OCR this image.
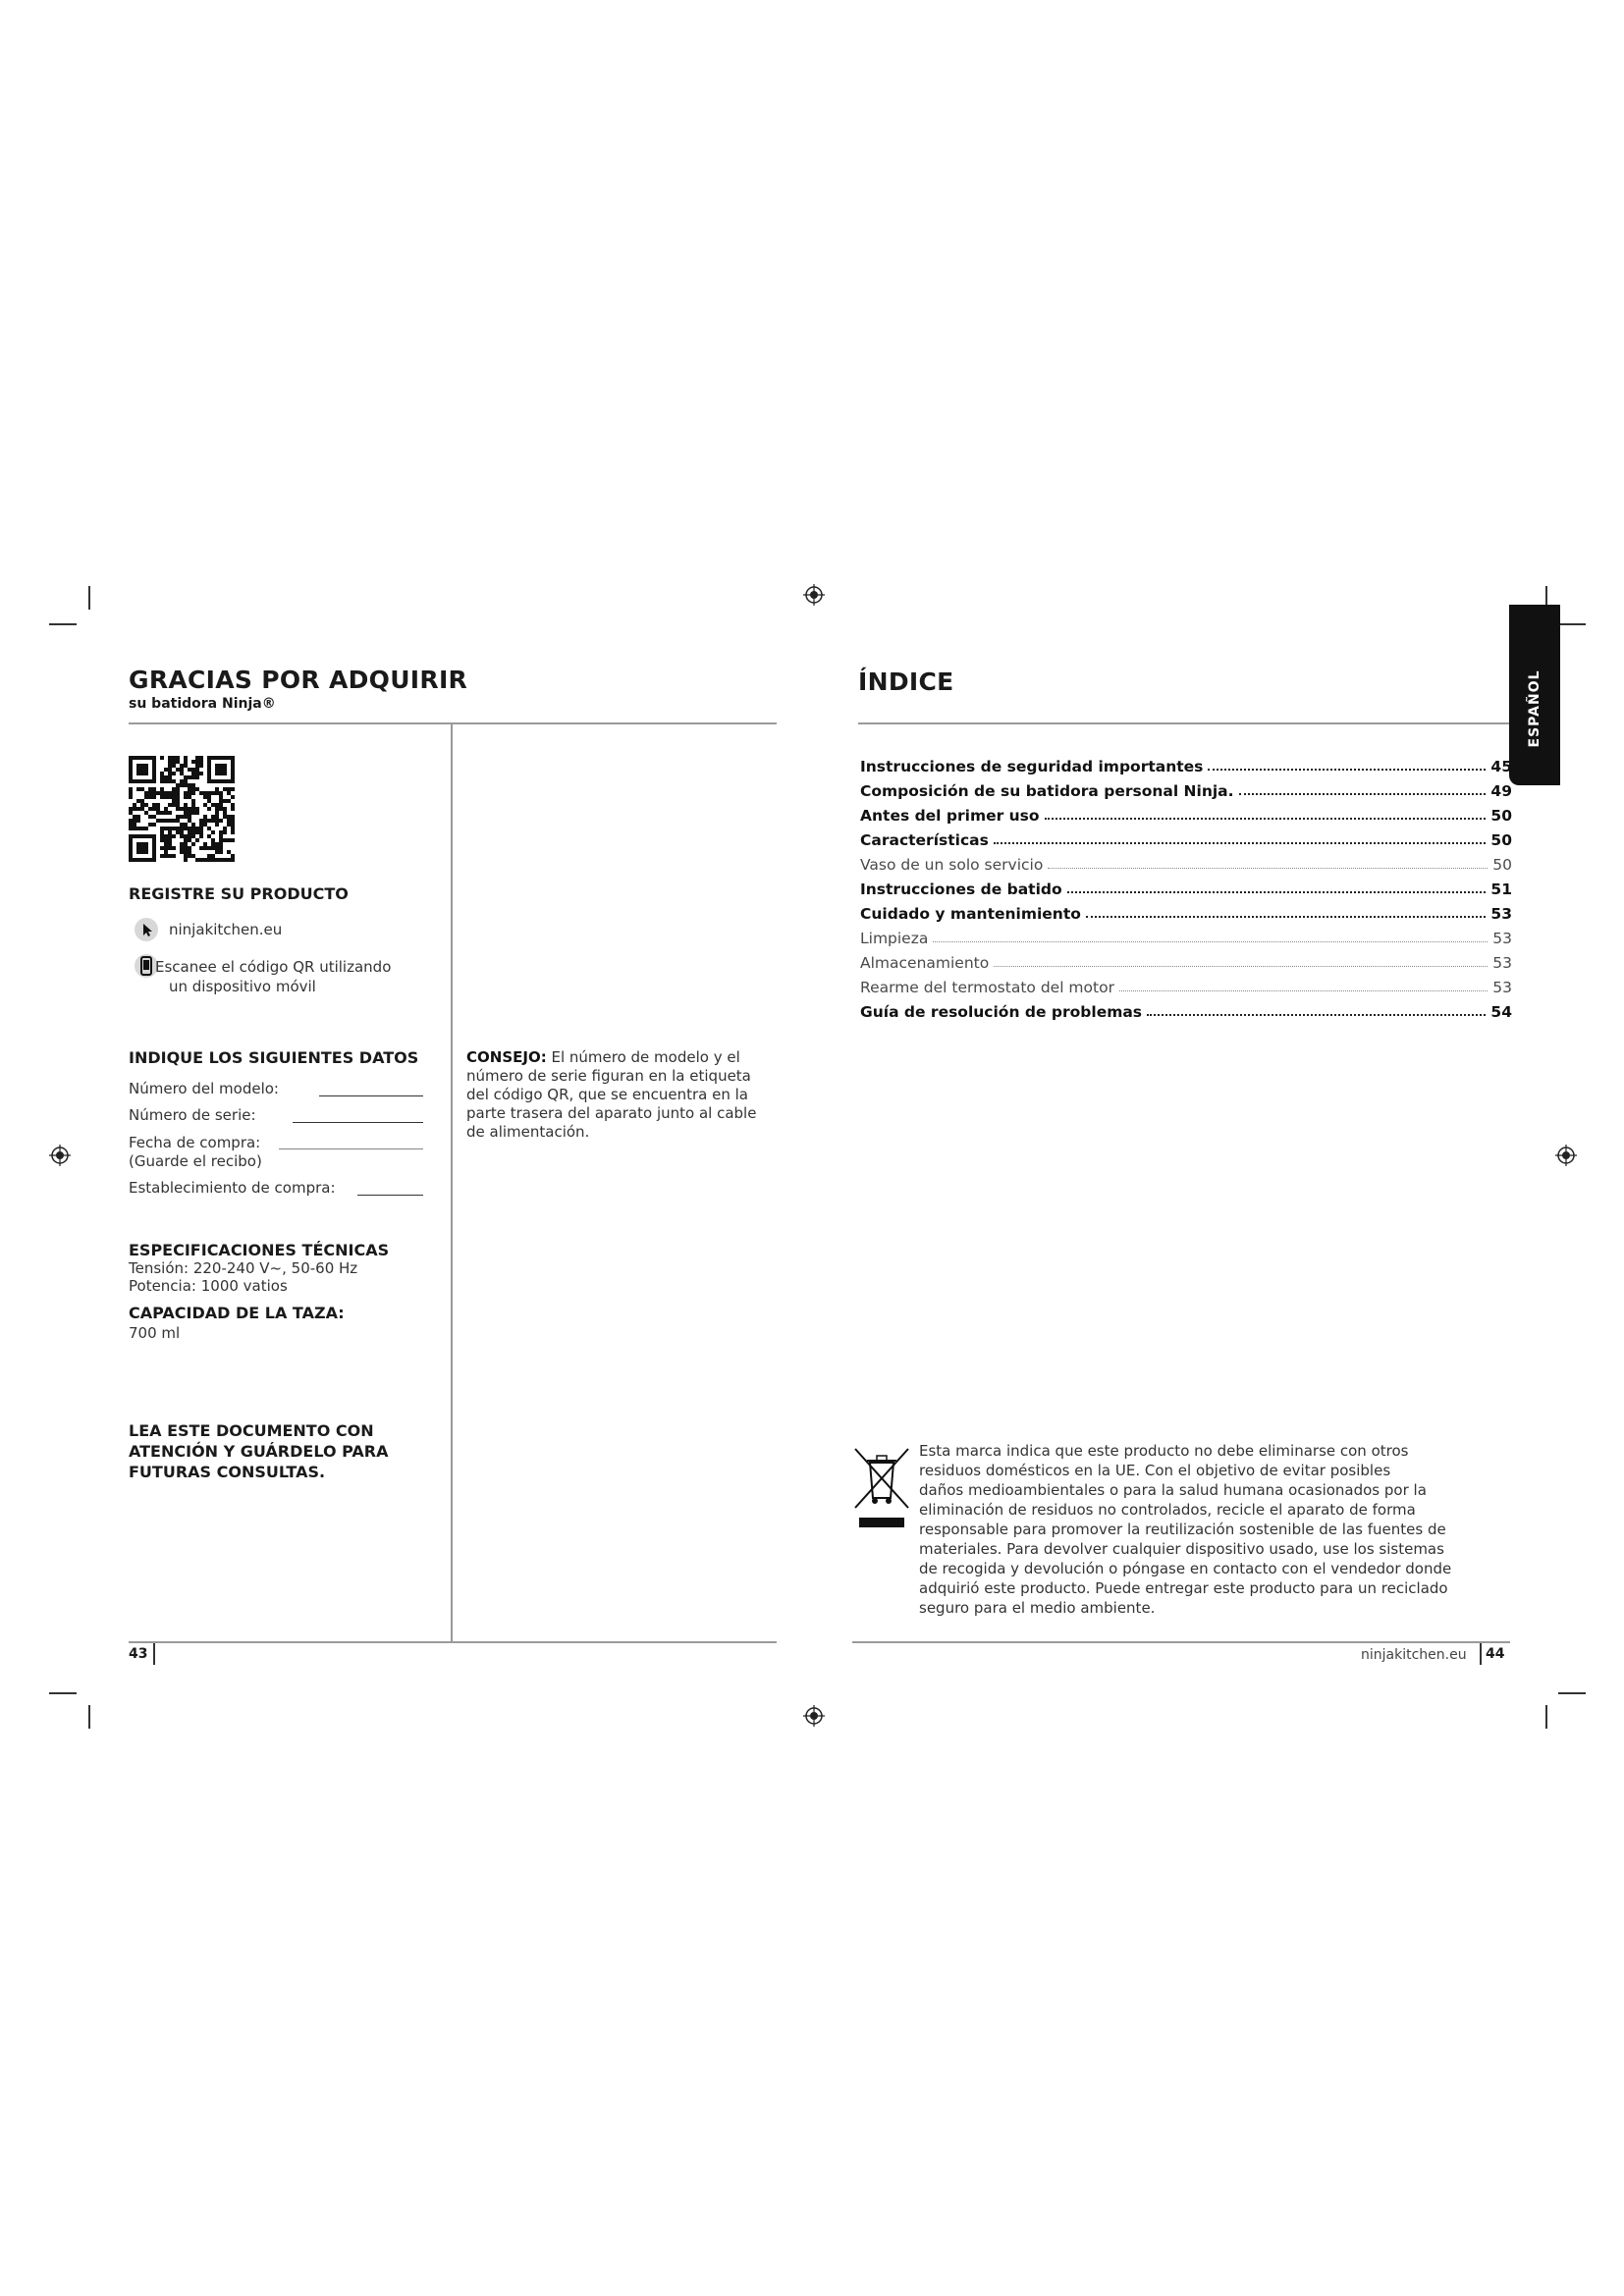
GRACIAS POR ADQUIRIR
su batidora Ninja®
REGISTRE SU PRODUCTO
ninjakitchen.eu
Escanee el código QR utilizando
un dispositivo móvil
INDIQUE LOS SIGUIENTES DATOS
Número del modelo:
Número de serie:
Fecha de compra:
(Guarde el recibo)
Establecimiento de compra:
CONSEJO: El número de modelo y el
número de serie figuran en la etiqueta
del código QR, que se encuentra en la
parte trasera del aparato junto al cable
de alimentación.
ESPECIFICACIONES TÉCNICAS
Tensión: 220-240 V~, 50-60 Hz
Potencia: 1000 vatios
CAPACIDAD DE LA TAZA:
700 ml
LEA ESTE DOCUMENTO CON
ATENCIÓN Y GUÁRDELO PARA
FUTURAS CONSULTAS.
43
ÍNDICE	ESPAÑOL
Instrucciones de seguridad importantes	45
Composición de su batidora personal Ninja.	49
Antes del primer uso	50
Características	50
Vaso de un solo servicio	50
Instrucciones de batido	51
Cuidado y mantenimiento	53
Limpieza	53
Almacenamiento	53
Rearme del termostato del motor	53
Guía de resolución de problemas	54
Esta marca indica que este producto no debe eliminarse con otros
residuos domésticos en la UE. Con el objetivo de evitar posibles
daños medioambientales o para la salud humana ocasionados por la
eliminación de residuos no controlados, recicle el aparato de forma
responsable para promover la reutilización sostenible de las fuentes de
materiales. Para devolver cualquier dispositivo usado, use los sistemas
de recogida y devolución o póngase en contacto con el vendedor donde
adquirió este producto. Puede entregar este producto para un reciclado
seguro para el medio ambiente.
ninjakitchen.eu 44
